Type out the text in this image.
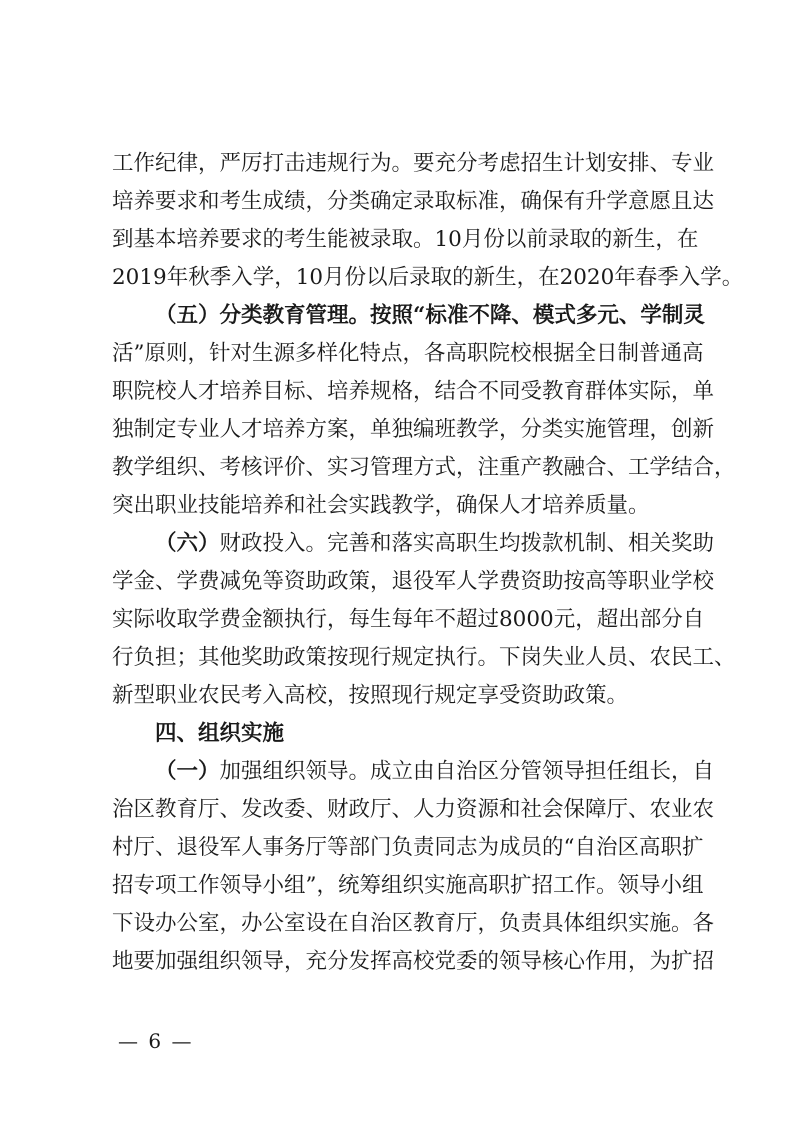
工作纪律，严厉打击违规行为。要充分考虑招生计划安排、专业
培养要求和考生成绩，分类确定录取标准，确保有升学意愿且达
到基本培养要求的考生能被录取。10月份以前录取的新生，在
2019年秋季入学，10月份以后录取的新生，在2020年春季入学。
（五）分类教育管理。按照“标准不降、模式多元、学制灵
活”原则，针对生源多样化特点，各高职院校根据全日制普通高
职院校人才培养目标、培养规格，结合不同受教育群体实际，单
独制定专业人才培养方案，单独编班教学，分类实施管理，创新
教学组织、考核评价、实习管理方式，注重产教融合、工学结合，
突出职业技能培养和社会实践教学，确保人才培养质量。
（六）财政投入。完善和落实高职生均拨款机制、相关奖助
学金、学费减免等资助政策，退役军人学费资助按高等职业学校
实际收取学费金额执行，每生每年不超过8000元，超出部分自
行负担；其他奖助政策按现行规定执行。下岗失业人员、农民工、
新型职业农民考入高校，按照现行规定享受资助政策。
四、组织实施
（一）加强组织领导。成立由自治区分管领导担任组长，自
治区教育厅、发改委、财政厅、人力资源和社会保障厅、农业农
村厅、退役军人事务厅等部门负责同志为成员的“自治区高职扩
招专项工作领导小组”，统筹组织实施高职扩招工作。领导小组
下设办公室，办公室设在自治区教育厅，负责具体组织实施。各
地要加强组织领导，充分发挥高校党委的领导核心作用，为扩招
— 6 —
